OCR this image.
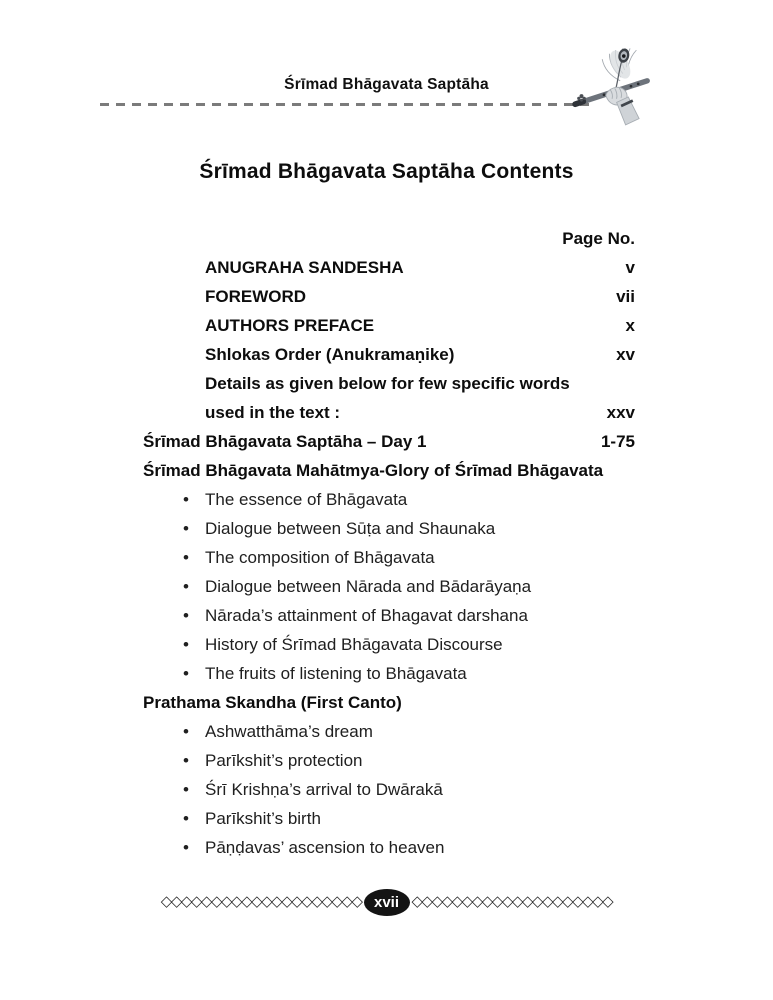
Śrīmad Bhāgavata Saptāha
Śrīmad Bhāgavata Saptāha Contents
Page No.
ANUGRAHA SANDESHA	v
FOREWORD	vii
AUTHORS PREFACE	x
Shlokas Order (Anukramaṇike)	xv
Details as given below for few specific words
used in the text :	xxv
Śrīmad Bhāgavata Saptāha – Day 1	1-75
Śrīmad Bhāgavata Mahātmya-Glory of Śrīmad Bhāgavata
•
The essence of Bhāgavata
•
Dialogue between Sūṭa and Shaunaka
•
The composition of Bhāgavata
•
Dialogue between Nārada and Bādarāyaṇa
•
Nārada’s attainment of Bhagavat darshana
•
History of Śrīmad Bhāgavata Discourse
•
The fruits of listening to Bhāgavata
Prathama Skandha (First Canto)
•
Ashwatthāma’s dream
•
Parīkshit’s protection
•
Śrī Krishṇa’s arrival to Dwārakā
•
Parīkshit’s birth
•
Pāṇḍavas’ ascension to heaven
◇◇◇◇◇◇◇◇◇◇◇◇◇◇◇◇◇◇◇◇ xvii ◇◇◇◇◇◇◇◇◇◇◇◇◇◇◇◇◇◇◇◇
